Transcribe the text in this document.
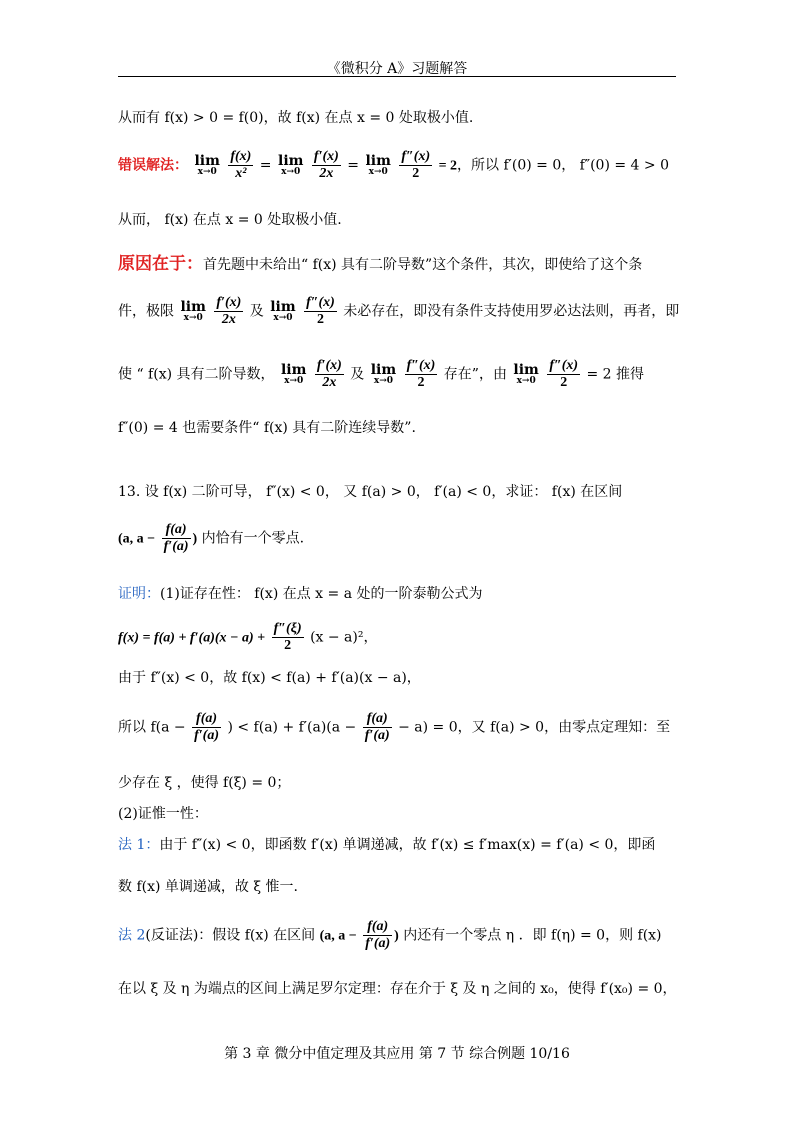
《微积分 A》习题解答
从而有 f(x) > 0 = f(0)，故 f(x) 在点 x = 0 处取极小值.
错误解法： lim
x→0
$\frac{f(x)}{\text{x²}} = \lim$
x→0
$\frac{f'(x)}{2x} = \lim$
x→0
$\frac{f''(x)}{2} = 2$，所以 f′(0) = 0， f″(0) = 4 > 0
从而， f(x) 在点 x = 0 处取极小值.
原因在于：首先题中未给出“ f(x) 具有二阶导数”这个条件，其次，即使给了这个条
件，极限 lim
x→0
$\frac{f'(x)}{2x}$ 及 lim
x→0
$\frac{f''(x)}{2}$ 未必存在，即没有条件支持使用罗必达法则，再者，即
使 “ f(x) 具有二阶导数， lim
x→0
$\frac{f'(x)}{2x}$ 及 lim
x→0
$\frac{f''(x)}{2}$ 存在”，由 lim
x→0
$\frac{f''(x)}{2} = 2$ 推得
f″(0) = 4 也需要条件“ f(x) 具有二阶连续导数”.
13. 设 f(x) 二阶可导， f″(x) < 0， 又 f(a) > 0， f′(a) < 0，求证： f(x) 在区间
(a, $a - \frac{f(a)}{f'(a)}$ ) 内恰有一个零点.
证明：(1)证存在性： f(x) 在点 x = a 处的一阶泰勒公式为
$f(x) = f(a) + f'(a)(x - a) + \frac{f''(\xi)}{2} (x - a)^2$，
由于 f″(x) < 0，故 f(x) < f(a) + f′(a)(x − a)，
所以 $f(a - \frac{f(a)}{f'(a)}$ ) < $f(a) + f'(a)(a - \frac{f(a)}{f'(a)} - a) = 0$，又 f(a) > 0，由零点定理知：至
少存在 ξ ，使得 f(ξ) = 0；
(2)证惟一性：
法 1：由于 f″(x) < 0，即函数 f′(x) 单调递减，故 f′(x) ≤ f′max(x) = f′(a) < 0，即函
数 f(x) 单调递减，故 ξ 惟一.
法 2(反证法)：假设 f(x) 在区间 (a, $a - \frac{f(a)}{f'(a)}$ ) 内还有一个零点 η ．即 f(η) = 0，则 f(x)
在以 ξ 及 η 为端点的区间上满足罗尔定理：存在介于 ξ 及 η 之间的 x₀，使得 f′(x₀) = 0，
第 3 章 微分中值定理及其应用 第 7 节 综合例题 10/16
